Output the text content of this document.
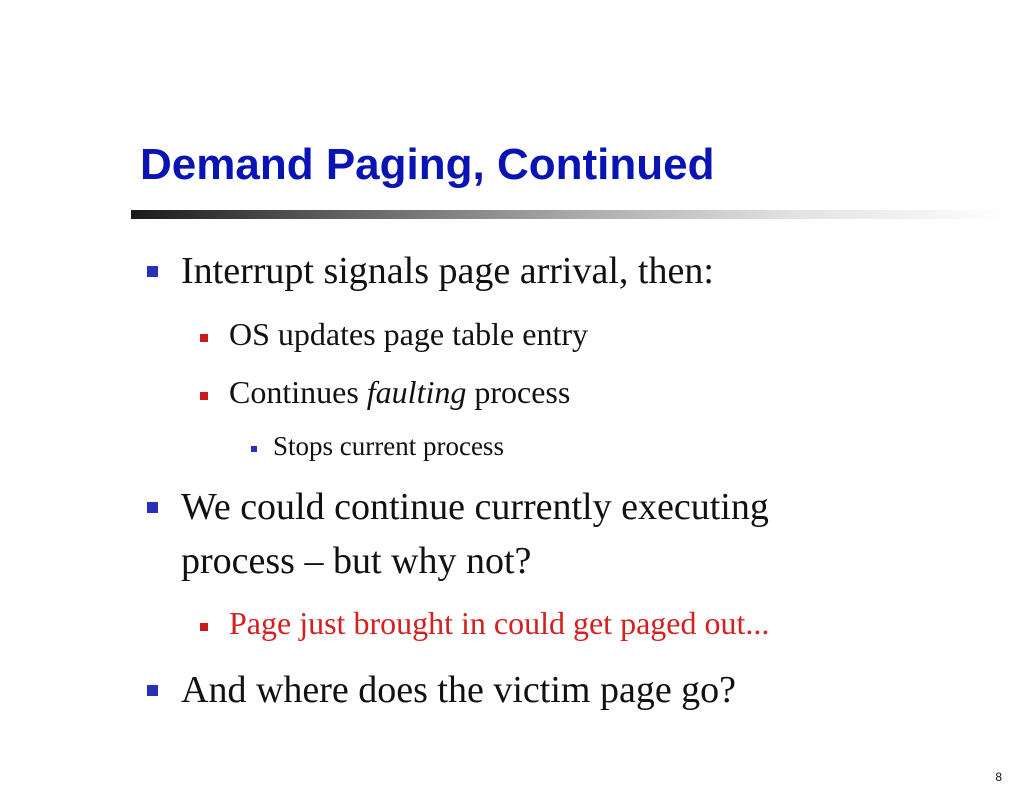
Demand Paging, Continued
Interrupt signals page arrival, then:
OS updates page table entry
Continues faulting process
Stops current process
We could continue currently executing
process – but why not?
Page just brought in could get paged out...
And where does the victim page go?
8
